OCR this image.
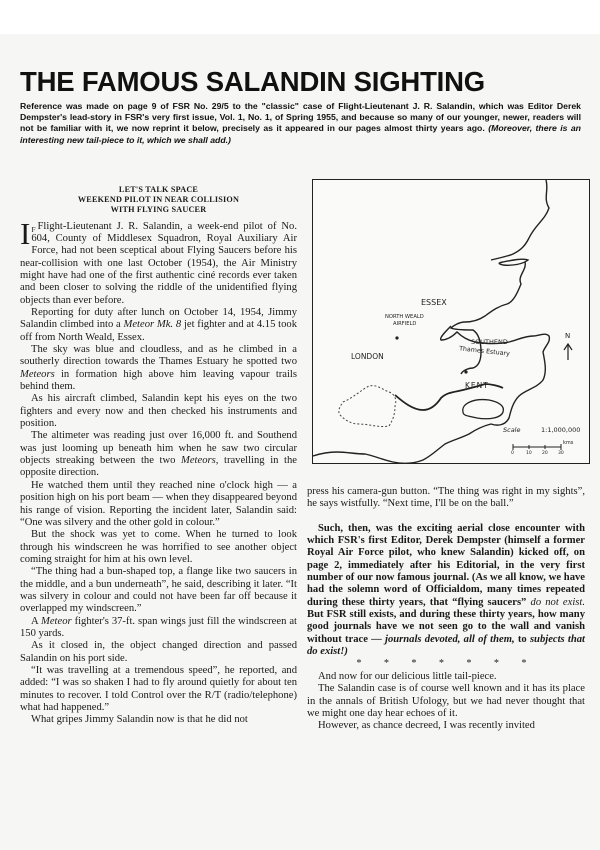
THE FAMOUS SALANDIN SIGHTING
Reference was made on page 9 of FSR No. 29/5 to the "classic" case of Flight-Lieutenant J. R. Salandin, which was Editor Derek Dempster's lead-story in FSR's very first issue, Vol. 1, No. 1, of Spring 1955, and because so many of our younger, newer, readers will not be familiar with it, we now reprint it below, precisely as it appeared in our pages almost thirty years ago. (Moreover, there is an interesting new tail-piece to it, which we shall add.)
LET'S TALK SPACE
WEEKEND PILOT IN NEAR COLLISION
WITH FLYING SAUCER

I $^F$ Flight-Lieutenant J. R. Salandin, a week-end pilot of No. 604, County of Middlesex Squadron, Royal Auxiliary Air Force, had not been sceptical about Flying Saucers before his near-collision with one last October (1954), the Air Ministry might have had one of the first authentic ciné records ever taken and been closer to solving the riddle of the unidentified flying objects than ever before.

Reporting for duty after lunch on October 14, 1954, Jimmy Salandin climbed into a Meteor Mk. 8 jet fighter and at 4.15 took off from North Weald, Essex.

The sky was blue and cloudless, and as he climbed in a southerly direction towards the Thames Estuary he spotted two Meteors in formation high above him leaving vapour trails behind them.

As his aircraft climbed, Salandin kept his eyes on the two fighters and every now and then checked his instruments and position.

The altimeter was reading just over 16,000 ft. and Southend was just looming up beneath him when he saw two circular objects streaking between the two Meteors, travelling in the opposite direction.

He watched them until they reached nine o'clock high — a position high on his port beam — when they disappeared beyond his range of vision. Reporting the incident later, Salandin said: “One was silvery and the other gold in colour.”

But the shock was yet to come. When he turned to look through his windscreen he was horrified to see another object coming straight for him at his own level.

“The thing had a bun-shaped top, a flange like two saucers in the middle, and a bun underneath”, he said, describing it later. “It was silvery in colour and could not have been far off because it overlapped my windscreen.”

A Meteor fighter's 37-ft. span wings just fill the windscreen at 150 yards.

As it closed in, the object changed direction and passed Salandin on his port side.

“It was travelling at a tremendous speed”, he reported, and added: “I was so shaken I had to fly around quietly for about ten minutes to recover. I told Control over the R/T (radio/telephone) what had happened.”

What gripes Jimmy Salandin now is that he did not

ESSEX
NORTH WEALD
AIRFIELD
LONDON
SOUTHEND
Thames Estuary
KENT
N
Scale	1:1,000,000
kms
0	10 20 30

press his camera-gun button. “The thing was right in my sights”, he says wistfully. “Next time, I'll be on the ball.”

Such, then, was the exciting aerial close encounter with which FSR's first Editor, Derek Dempster (himself a former Royal Air Force pilot, who knew Salandin) kicked off, on page 2, immediately after his Editorial, in the very first number of our now famous journal. (As we all know, we have had the solemn word of Officialdom, many times repeated during these thirty years, that “flying saucers” do not exist. But FSR still exists, and during these thirty years, how many good journals have we not seen go to the wall and vanish without trace — journals devoted, all of them, to subjects that do exist!)

* * * * * * *

And now for our delicious little tail-piece.

The Salandin case is of course well known and it has its place in the annals of British Ufology, but we had never thought that we might one day hear echoes of it.

However, as chance decreed, I was recently invited
